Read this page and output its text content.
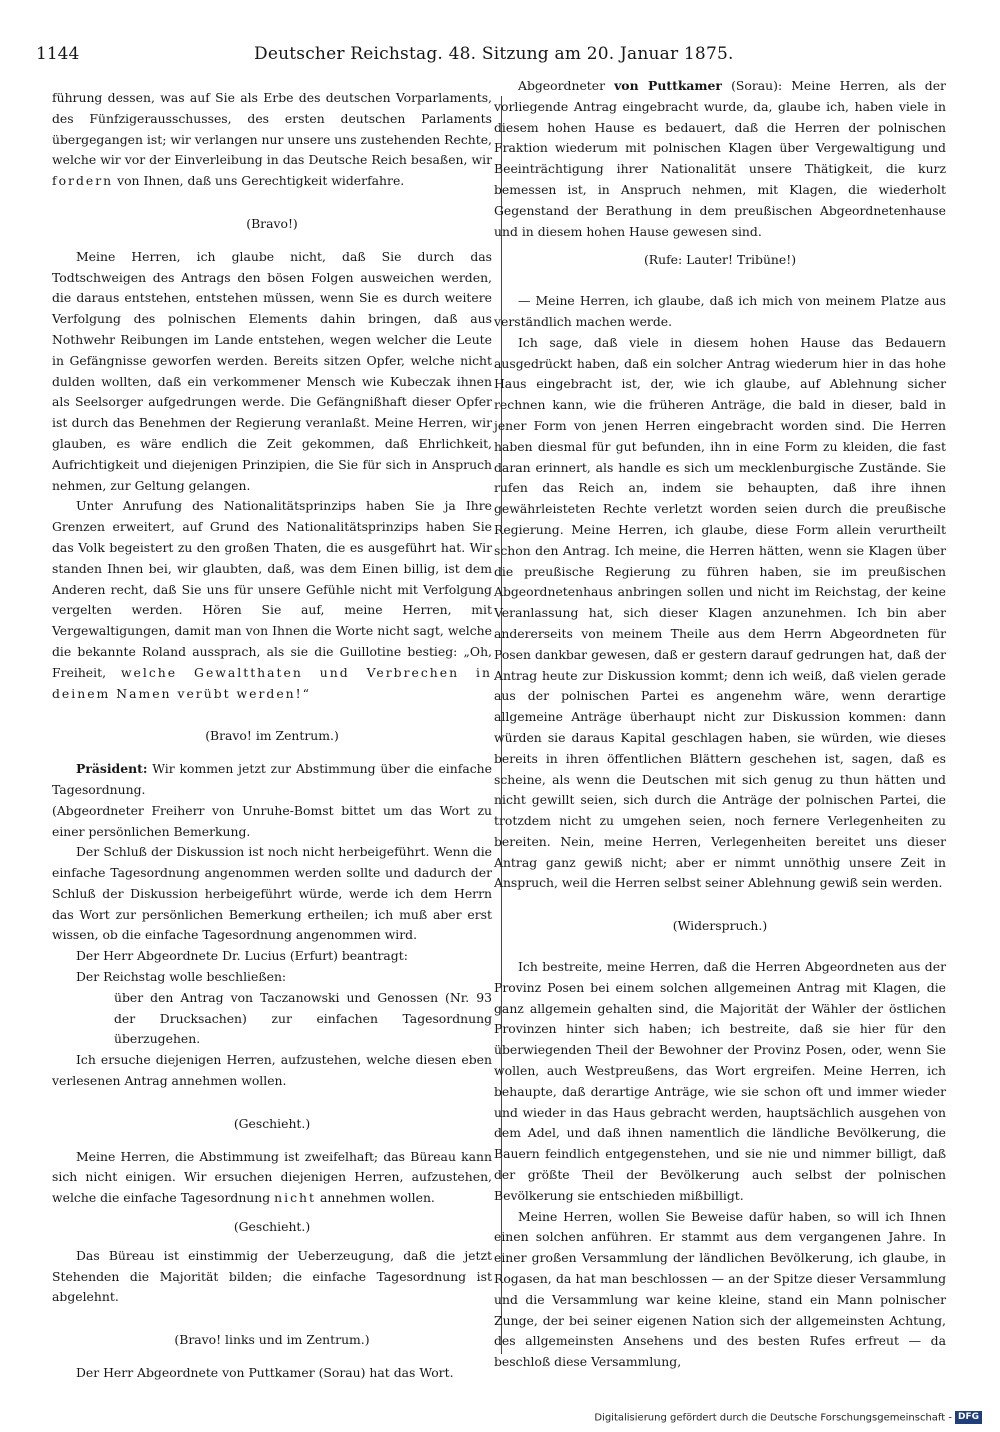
1144	Deutscher Reichstag. 48. Sitzung am 20. Januar 1875.

führung dessen, was auf Sie als Erbe des deutschen Vorparlaments, des Fünfzigerausschusses, des ersten deutschen Parlaments übergegangen ist; wir verlangen nur unsere uns zustehenden Rechte, welche wir vor der Einverleibung in das Deutsche Reich besaßen, wir fordern von Ihnen, daß uns Gerechtigkeit widerfahre.

(Bravo!)

Meine Herren, ich glaube nicht, daß Sie durch das Todtschweigen des Antrags den bösen Folgen ausweichen werden, die daraus entstehen, entstehen müssen, wenn Sie es durch weitere Verfolgung des polnischen Elements dahin bringen, daß aus Nothwehr Reibungen im Lande entstehen, wegen welcher die Leute in Gefängnisse geworfen werden. Bereits sitzen Opfer, welche nicht dulden wollten, daß ein verkommener Mensch wie Kubeczak ihnen als Seelsorger aufgedrungen werde. Die Gefängnißhaft dieser Opfer ist durch das Benehmen der Regierung veranlaßt. Meine Herren, wir glauben, es wäre endlich die Zeit gekommen, daß Ehrlichkeit, Aufrichtigkeit und diejenigen Prinzipien, die Sie für sich in Anspruch nehmen, zur Geltung gelangen.

Unter Anrufung des Nationalitätsprinzips haben Sie ja Ihre Grenzen erweitert, auf Grund des Nationalitätsprinzips haben Sie das Volk begeistert zu den großen Thaten, die es ausgeführt hat. Wir standen Ihnen bei, wir glaubten, daß, was dem Einen billig, ist dem Anderen recht, daß Sie uns für unsere Gefühle nicht mit Verfolgung vergelten werden. Hören Sie auf, meine Herren, mit Vergewaltigungen, damit man von Ihnen die Worte nicht sagt, welche die bekannte Roland aussprach, als sie die Guillotine bestieg: „Oh, Freiheit, welche Gewaltthaten und Verbrechen in deinem Namen verübt werden!“

(Bravo! im Zentrum.)

Präsident: Wir kommen jetzt zur Abstimmung über die einfache Tagesordnung.

(Abgeordneter Freiherr von Unruhe-Bomst bittet um das Wort zu einer persönlichen Bemerkung.

Der Schluß der Diskussion ist noch nicht herbeigeführt. Wenn die einfache Tagesordnung angenommen werden sollte und dadurch der Schluß der Diskussion herbeigeführt würde, werde ich dem Herrn das Wort zur persönlichen Bemerkung ertheilen; ich muß aber erst wissen, ob die einfache Tagesordnung angenommen wird.

Der Herr Abgeordnete Dr. Lucius (Erfurt) beantragt:

Der Reichstag wolle beschließen:

über den Antrag von Taczanowski und Genossen (Nr. 93 der Drucksachen) zur einfachen Tagesordnung überzugehen.

Ich ersuche diejenigen Herren, aufzustehen, welche diesen eben verlesenen Antrag annehmen wollen.

(Geschieht.)

Meine Herren, die Abstimmung ist zweifelhaft; das Büreau kann sich nicht einigen. Wir ersuchen diejenigen Herren, aufzustehen, welche die einfache Tagesordnung nicht annehmen wollen.

(Geschieht.)

Das Büreau ist einstimmig der Ueberzeugung, daß die jetzt Stehenden die Majorität bilden; die einfache Tagesordnung ist abgelehnt.

(Bravo! links und im Zentrum.)

Der Herr Abgeordnete von Puttkamer (Sorau) hat das Wort.

Abgeordneter von Puttkamer (Sorau): Meine Herren, als der vorliegende Antrag eingebracht wurde, da, glaube ich, haben viele in diesem hohen Hause es bedauert, daß die Herren der polnischen Fraktion wiederum mit polnischen Klagen über Vergewaltigung und Beeinträchtigung ihrer Nationalität unsere Thätigkeit, die kurz bemessen ist, in Anspruch nehmen, mit Klagen, die wiederholt Gegenstand der Berathung in dem preußischen Abgeordnetenhause und in diesem hohen Hause gewesen sind.

(Rufe: Lauter! Tribüne!)

— Meine Herren, ich glaube, daß ich mich von meinem Platze aus verständlich machen werde.

Ich sage, daß viele in diesem hohen Hause das Bedauern ausgedrückt haben, daß ein solcher Antrag wiederum hier in das hohe Haus eingebracht ist, der, wie ich glaube, auf Ablehnung sicher rechnen kann, wie die früheren Anträge, die bald in dieser, bald in jener Form von jenen Herren eingebracht worden sind. Die Herren haben diesmal für gut befunden, ihn in eine Form zu kleiden, die fast daran erinnert, als handle es sich um mecklenburgische Zustände. Sie rufen das Reich an, indem sie behaupten, daß ihre ihnen gewährleisteten Rechte verletzt worden seien durch die preußische Regierung. Meine Herren, ich glaube, diese Form allein verurtheilt schon den Antrag. Ich meine, die Herren hätten, wenn sie Klagen über die preußische Regierung zu führen haben, sie im preußischen Abgeordnetenhaus anbringen sollen und nicht im Reichstag, der keine Veranlassung hat, sich dieser Klagen anzunehmen. Ich bin aber andererseits von meinem Theile aus dem Herrn Abgeordneten für Posen dankbar gewesen, daß er gestern darauf gedrungen hat, daß der Antrag heute zur Diskussion kommt; denn ich weiß, daß vielen gerade aus der polnischen Partei es angenehm wäre, wenn derartige allgemeine Anträge überhaupt nicht zur Diskussion kommen: dann würden sie daraus Kapital geschlagen haben, sie würden, wie dieses bereits in ihren öffentlichen Blättern geschehen ist, sagen, daß es scheine, als wenn die Deutschen mit sich genug zu thun hätten und nicht gewillt seien, sich durch die Anträge der polnischen Partei, die trotzdem nicht zu umgehen seien, noch fernere Verlegenheiten zu bereiten. Nein, meine Herren, Verlegenheiten bereitet uns dieser Antrag ganz gewiß nicht; aber er nimmt unnöthig unsere Zeit in Anspruch, weil die Herren selbst seiner Ablehnung gewiß sein werden.

(Widerspruch.)

Ich bestreite, meine Herren, daß die Herren Abgeordneten aus der Provinz Posen bei einem solchen allgemeinen Antrag mit Klagen, die ganz allgemein gehalten sind, die Majorität der Wähler der östlichen Provinzen hinter sich haben; ich bestreite, daß sie hier für den überwiegenden Theil der Bewohner der Provinz Posen, oder, wenn Sie wollen, auch Westpreußens, das Wort ergreifen. Meine Herren, ich behaupte, daß derartige Anträge, wie sie schon oft und immer wieder und wieder in das Haus gebracht werden, hauptsächlich ausgehen von dem Adel, und daß ihnen namentlich die ländliche Bevölkerung, die Bauern feindlich entgegenstehen, und sie nie und nimmer billigt, daß der größte Theil der Bevölkerung auch selbst der polnischen Bevölkerung sie entschieden mißbilligt.

Meine Herren, wollen Sie Beweise dafür haben, so will ich Ihnen einen solchen anführen. Er stammt aus dem vergangenen Jahre. In einer großen Versammlung der ländlichen Bevölkerung, ich glaube, in Rogasen, da hat man beschlossen — an der Spitze dieser Versammlung und die Versammlung war keine kleine, stand ein Mann polnischer Zunge, der bei seiner eigenen Nation sich der allgemeinsten Achtung, des allgemeinsten Ansehens und des besten Rufes erfreut — da beschloß diese Versammlung,

Digitalisierung gefördert durch die Deutsche Forschungsgemeinschaft - DFG
